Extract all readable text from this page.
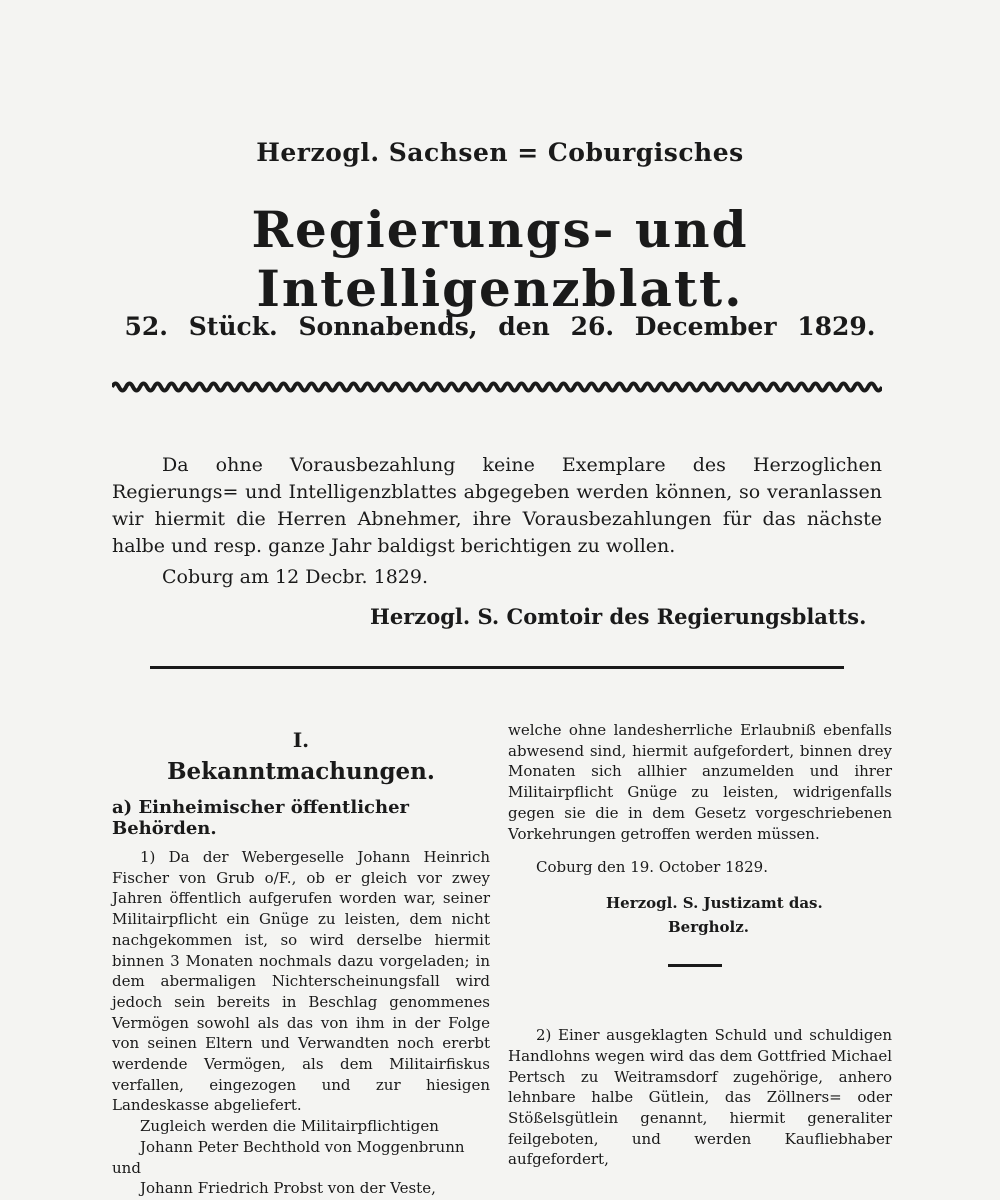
Herzogl. Sachsen = Coburgisches
Regierungs- und Intelligenzblatt.
52. Stück. Sonnabends, den 26. December 1829.

Da ohne Vorausbezahlung keine Exemplare des Herzoglichen Regierungs= und Intelligenzblattes abgegeben werden können, so veranlassen wir hiermit die Herren Abnehmer, ihre Vorausbezahlungen für das nächste halbe und resp. ganze Jahr baldigst berichtigen zu wollen.

Coburg am 12 Decbr. 1829.
Herzogl. S. Comtoir des Regierungsblatts.
I.
Bekanntmachungen.
a) Einheimischer öffentlicher Behörden.

1) Da der Webergeselle Johann Heinrich Fischer von Grub o/F., ob er gleich vor zwey Jahren öffentlich aufgerufen worden war, seiner Militairpflicht ein Gnüge zu leisten, dem nicht nachgekommen ist, so wird derselbe hiermit binnen 3 Monaten nochmals dazu vorgeladen; in dem abermaligen Nichterscheinungsfall wird jedoch sein bereits in Beschlag genommenes Vermögen sowohl als das von ihm in der Folge von seinen Eltern und Verwandten noch ererbt werdende Vermögen, als dem Militairfiskus verfallen, eingezogen und zur hiesigen Landeskasse abgeliefert.

Zugleich werden die Militairpflichtigen

Johann Peter Bechthold von Moggenbrunn

und

Johann Friedrich Probst von der Veste,

welche ohne landesherrliche Erlaubniß ebenfalls abwesend sind, hiermit aufgefordert, binnen drey Monaten sich allhier anzumelden und ihrer Militairpflicht Gnüge zu leisten, widrigenfalls gegen sie die in dem Gesetz vorgeschriebenen Vorkehrungen getroffen werden müssen.

Coburg den 19. October 1829.
Herzogl. S. Justizamt das.
Bergholz.

2) Einer ausgeklagten Schuld und schuldigen Handlohns wegen wird das dem Gottfried Michael Pertsch zu Weitramsdorf zugehörige, anhero lehnbare halbe Gütlein, das Zöllners= oder Stößelsgütlein genannt, hiermit generaliter feilgeboten, und werden Kaufliebhaber aufgefordert,
